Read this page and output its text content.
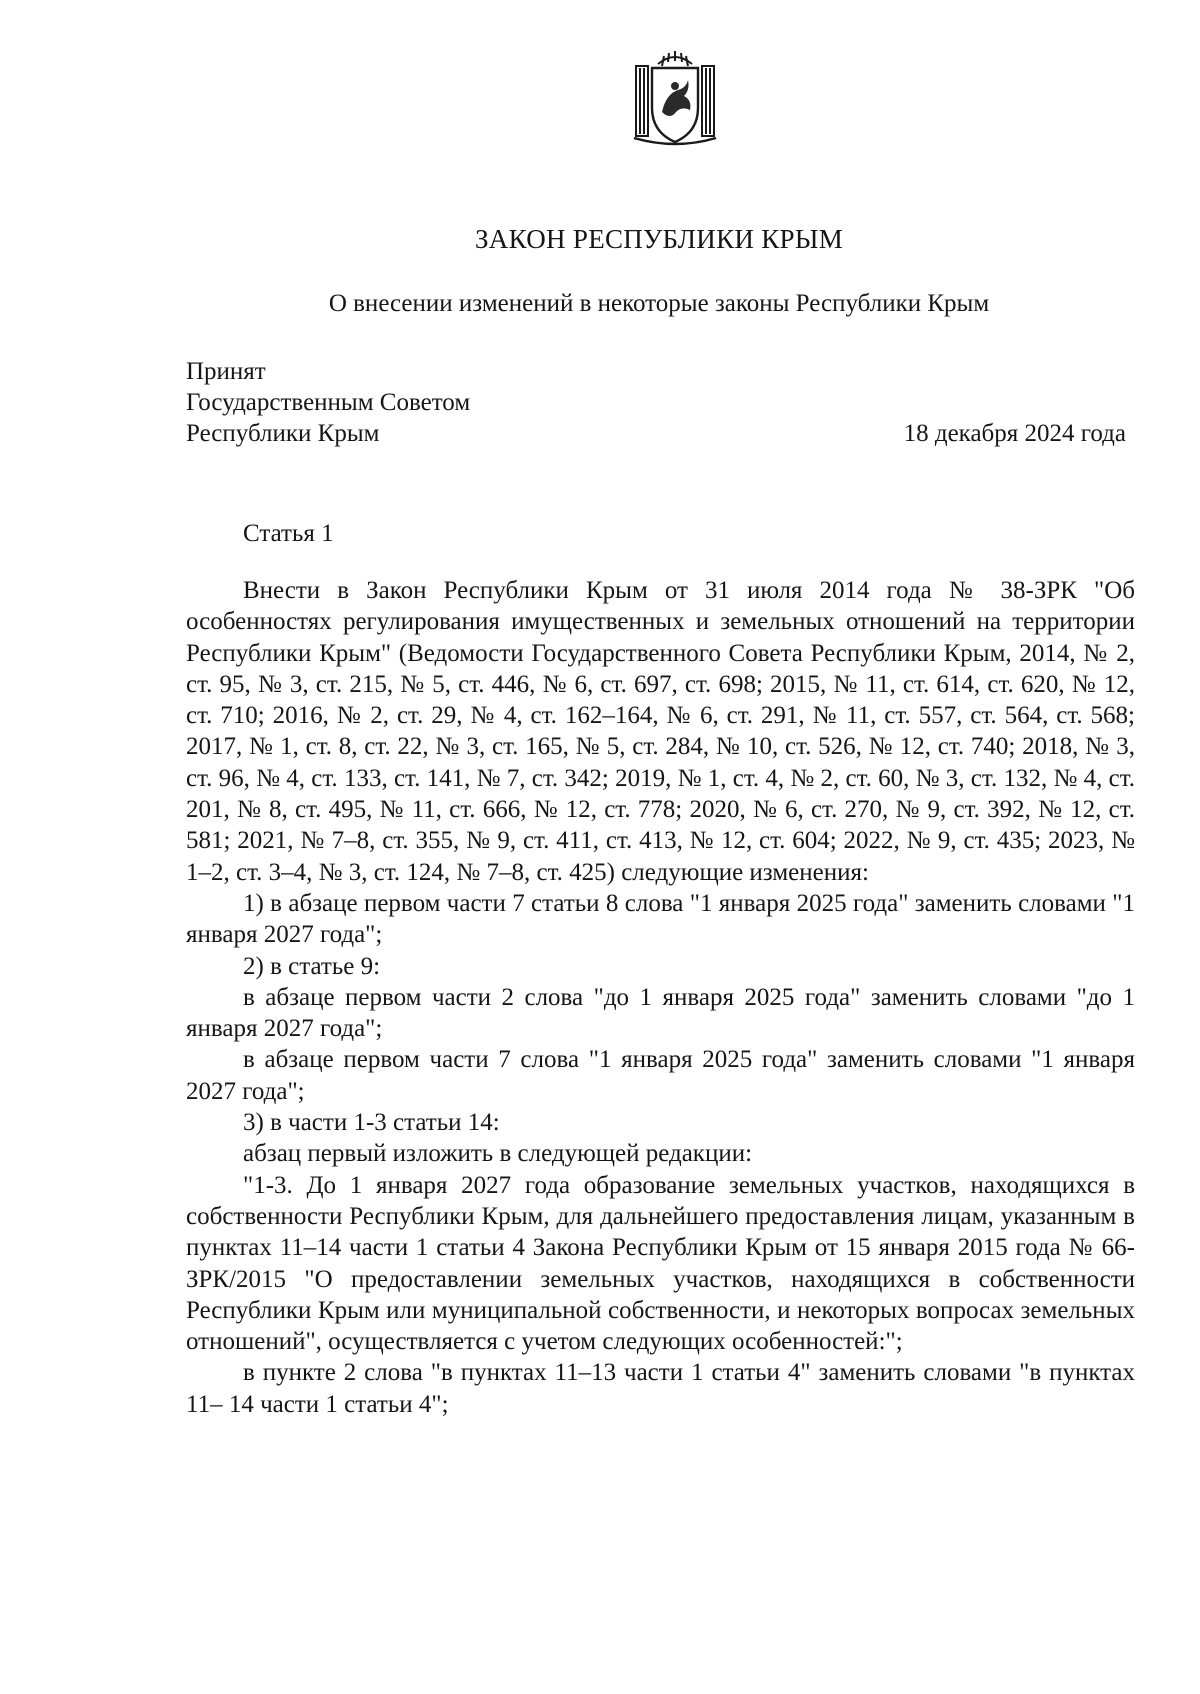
ЗАКОН РЕСПУБЛИКИ КРЫМ
О внесении изменений в некоторые законы Республики Крым
Принят
Государственным Советом
Республики Крым	18 декабря 2024 года
Статья 1

Внести в Закон Республики Крым от 31 июля 2014 года № 38-ЗРК "Об особенностях регулирования имущественных и земельных отношений на территории Республики Крым" (Ведомости Государственного Совета Республики Крым, 2014, № 2, ст. 95, № 3, ст. 215, № 5, ст. 446, № 6, ст. 697, ст. 698; 2015, № 11, ст. 614, ст. 620, № 12, ст. 710; 2016, № 2, ст. 29, № 4, ст. 162–164, № 6, ст. 291, № 11, ст. 557, ст. 564, ст. 568; 2017, № 1, ст. 8, ст. 22, № 3, ст. 165, № 5, ст. 284, № 10, ст. 526, № 12, ст. 740; 2018, № 3, ст. 96, № 4, ст. 133, ст. 141, № 7, ст. 342; 2019, № 1, ст. 4, № 2, ст. 60, № 3, ст. 132, № 4, ст. 201, № 8, ст. 495, № 11, ст. 666, № 12, ст. 778; 2020, № 6, ст. 270, № 9, ст. 392, № 12, ст. 581; 2021, № 7–8, ст. 355, № 9, ст. 411, ст. 413, № 12, ст. 604; 2022, № 9, ст. 435; 2023, № 1–2, ст. 3–4, № 3, ст. 124, № 7–8, ст. 425) следующие изменения:

1) в абзаце первом части 7 статьи 8 слова "1 января 2025 года" заменить словами "1 января 2027 года";

2) в статье 9:

в абзаце первом части 2 слова "до 1 января 2025 года" заменить словами "до 1 января 2027 года";

в абзаце первом части 7 слова "1 января 2025 года" заменить словами "1 января 2027 года";

3) в части 1-3 статьи 14:

абзац первый изложить в следующей редакции:

"1-3. До 1 января 2027 года образование земельных участков, находящихся в собственности Республики Крым, для дальнейшего предоставления лицам, указанным в пунктах 11–14 части 1 статьи 4 Закона Республики Крым от 15 января 2015 года № 66-ЗРК/2015 "О предоставлении земельных участков, находящихся в собственности Республики Крым или муниципальной собственности, и некоторых вопросах земельных отношений", осуществляется с учетом следующих особенностей:";

в пункте 2 слова "в пунктах 11–13 части 1 статьи 4" заменить словами "в пунктах 11– 14 части 1 статьи 4";
